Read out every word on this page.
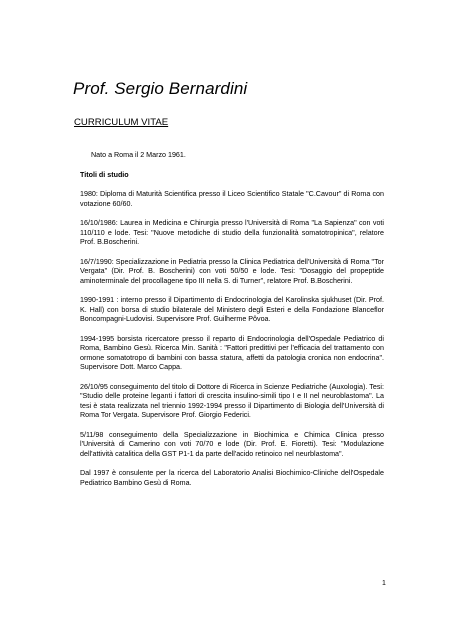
Prof. Sergio Bernardini
CURRICULUM VITAE
Nato a Roma il 2 Marzo 1961.
Titoli di studio

1980: Diploma di Maturità Scientifica presso il Liceo Scientifico Statale "C.Cavour" di Roma con votazione 60/60.

16/10/1986: Laurea in Medicina e Chirurgia presso l'Università di Roma "La Sapienza" con voti 110/110 e lode. Tesi: "Nuove metodiche di studio della funzionalità somatotropinica", relatore Prof. B.Boscherini.

16/7/1990: Specializzazione in Pediatria presso la Clinica Pediatrica dell'Università di Roma "Tor Vergata" (Dir. Prof. B. Boscherini) con voti 50/50 e lode. Tesi: "Dosaggio del propeptide aminoterminale del procollagene tipo III nella S. di Turner", relatore Prof. B.Boscherini.

1990-1991 : interno presso il Dipartimento di Endocrinologia del Karolinska sjukhuset (Dir. Prof. K. Hall) con borsa di studio bilaterale del Ministero degli Esteri e della Fondazione Blanceflor Boncompagni-Ludovisi. Supervisore Prof. Guilherme Pôvoa.

1994-1995 borsista ricercatore presso il reparto di Endocrinologia dell'Ospedale Pediatrico di Roma, Bambino Gesù. Ricerca Min. Sanità : "Fattori predittivi per l'efficacia del trattamento con ormone somatotropo di bambini con bassa statura, affetti da patologia cronica non endocrina". Supervisore Dott. Marco Cappa.

26/10/95 conseguimento del titolo di Dottore di Ricerca in Scienze Pediatriche (Auxologia). Tesi: "Studio delle proteine leganti i fattori di crescita insulino-simili tipo I e II nel neuroblastoma". La tesi è stata realizzata nel triennio 1992-1994 presso il Dipartimento di Biologia dell'Università di Roma Tor Vergata. Supervisore Prof. Giorgio Federici.

5/11/98 conseguimento della Specializzazione in Biochimica e Chimica Clinica presso l'Università di Camerino con voti 70/70 e lode (Dir. Prof. E. Fioretti). Tesi: "Modulazione dell'attività catalitica della GST P1-1 da parte dell'acido retinoico nel neurblastoma".

Dal 1997 è consulente per la ricerca del Laboratorio Analisi Biochimico-Cliniche dell'Ospedale Pediatrico Bambino Gesù di Roma.

1
